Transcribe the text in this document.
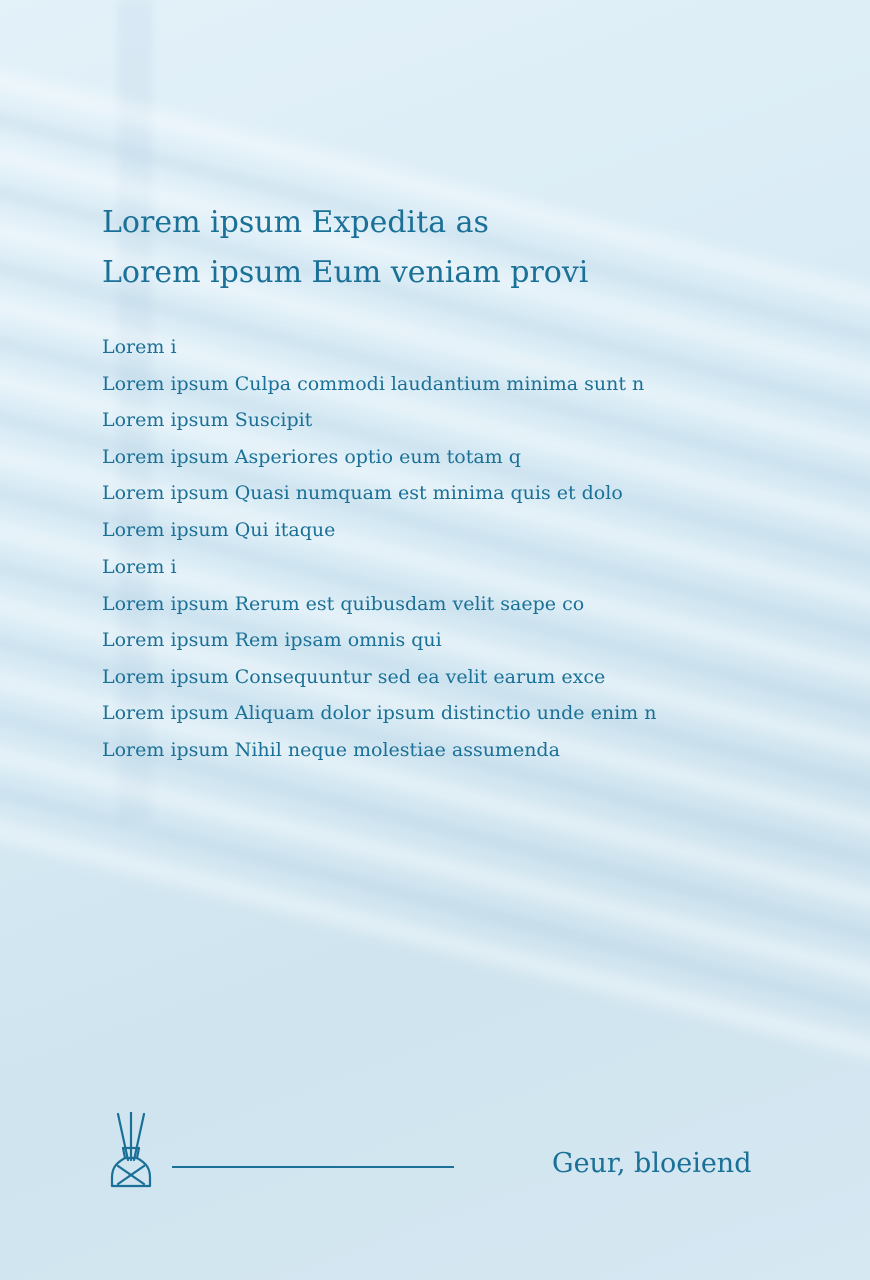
Lorem ipsum Expedita as
Lorem ipsum Eum veniam provi
Lorem i
Lorem ipsum Culpa commodi laudantium minima sunt n
Lorem ipsum Suscipit
Lorem ipsum Asperiores optio eum totam q
Lorem ipsum Quasi numquam est minima quis et dolo
Lorem ipsum Qui itaque
Lorem i
Lorem ipsum Rerum est quibusdam velit saepe co
Lorem ipsum Rem ipsam omnis qui
Lorem ipsum Consequuntur sed ea velit earum exce
Lorem ipsum Aliquam dolor ipsum distinctio unde enim n
Lorem ipsum Nihil neque molestiae assumenda
Geur, bloeiend
